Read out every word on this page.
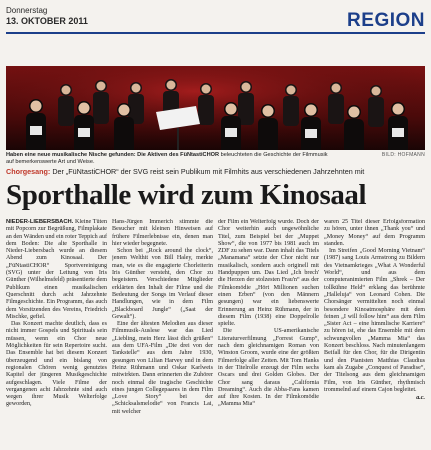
Donnerstag
13. OKTOBER 2011	REGION
Haben eine neue musikalische Nische gefunden: Die Aktiven des FüNtastiCHOR beleuchteten die Geschichte der Filmmusik auf bemerkenswerte Art und Weise.
BILD: HOFMANN
Chorgesang: Der „FüNtastiCHOR“ der SVG reist sein Publikum mit Filmhits aus verschiedenen Jahrzehnten mit
Sporthalle wird zum Kinosaal

NIEDER-LIEBERSBACH. Kleine Tüten mit Popcorn zur Begrüßung, Filmplakate an den Wänden und ein roter Teppich auf dem Boden: Die alte Sporthalle in Nieder-Liebersbach wurde an diesem Abend zum Kinosaal. Der „FüNtastiCHOR“ Sportvereinigung (SVG) unter der Leitung von Iris Günther (Wilhelmsfeld) präsentierte dem Publikum einen musikalischen Querschnitt durch acht Jahrzehnte Filmgeschichte. Ein Programm, das auch dem Vorsitzenden des Vereins, Friedrich Mischke, gefiel.

Das Konzert machte deutlich, dass es nicht immer Gospels und Spirituals sein müssen, wenn ein Chor neue Möglichkeiten für sein Repertoire sucht. Das Ensemble hat bei diesem Konzert überzeugend und ein bislang von regionalen Chören wenig genutztes Kapitel der jüngeren Musikgeschichte aufgeschlagen. Viele Filme der vergangenen acht Jahrzehnte sind auch wegen ihrer Musik Welterfolge geworden,

Hans-Jürgen Immerich stimmte die Besucher mit kleinen Hinweisen auf frühere Filmerlebnisse ein, denen man hier wieder begegnete.

Schon bei „Rock around the clock“, jenem Welthit von Bill Haley, merkte man, wie es die engagierte Chorleiterin Iris Günther versteht, den Chor zu begeistern. Verschiedene Mitglieder erklärten den Inhalt der Filme und die Bedeutung der Songs im Verlauf dieser Handlungen, wie in dem Film „Blackboard Jungle“ („Saat der Gewalt“).

Eine der ältesten Melodien aus dieser Filmmusik-Auslese war das Lied „Liebling, mein Herz lässt dich grüßen“ aus dem UFA-Film „Die drei von der Tankstelle“ aus dem Jahre 1930, gesungen von Lilian Harvey und in dem Heinz Rühmann und Oskar Karlweis mitwirkten. Dann erinnerten die Zuhörer noch einmal die tragische Geschichte eines jungen Collegepaares in dem Film „Love Story“ bei der „Schicksalsmelodie“ von Francis Lai, mit welcher

der Film ein Welterfolg wurde. Doch der Chor weiterhin auch ungewöhnliche Titel, zum Beispiel bei der „Muppet Show“, die von 1977 bis 1981 auch im ZDF zu sehen war. Dann inhalt das Titels „Manamana“ setzte der Chor nicht nur musikalisch, sondern auch originell mit Handpuppen um. Das Lied „Ich brech' die Herzen der stolzesten Frau'n“ aus der Filmkomödie „Hört Millionen suchen einen Erben“ (von den Männern gesungen) war ein liebenswerte Erinnerung an Heinz Rühmann, der in diesem Film (1938) eine Doppelrolle spielte.

Die US-amerikanische Literaturverfilmung „Forrest Gump“, nach dem gleichnamigen Roman von Winston Groom, wurde eine der größten Filmerfolge aller Zeiten. Mit Tom Hanks in der Titelrolle erzeugt der Film sechs Oscars und drei Golden Globes. Der Chor sang daraus „California Dreaming“. Auch die Abba-Fans kamen auf ihre Kosten. In der Filmkomödie „Mamma Mia“

waren 25 Titel dieser Erfolgsformation zu hören, unter ihnen „Thank you“ und „Money Money“ auf dem Programm standen.

Im Streifen „Good Morning Vietnam“ (1987) sang Louis Armstrong zu Bildern des Vietnamkrieges „What A Wonderful World“, und aus dem computeranimierten Film „Shrek – Der tollkühne Held“ erklang das berühmte „Halleluja“ von Leonard Cohen. Die Chorsänger vermittelten noch einmal besondere Kinoatmosphäre mit dem feinen „I will follow him“ aus dem Film „Sister Act – eine himmlische Karriere“ zu hören ist, ehe das Ensemble mit dem schwungvollen „Mamma Mia“ das Konzert beschloss. Nach minutenlangem Beifall für den Chor, für die Dirigentin und den Pianisten Matthias Claudius kam als Zugabe „Conquest of Paradise“, der Titelsong aus dem gleichnamigen Film, von Iris Günther, rhythmisch trommelnd auf einem Cajon begleitet.

a.c.
